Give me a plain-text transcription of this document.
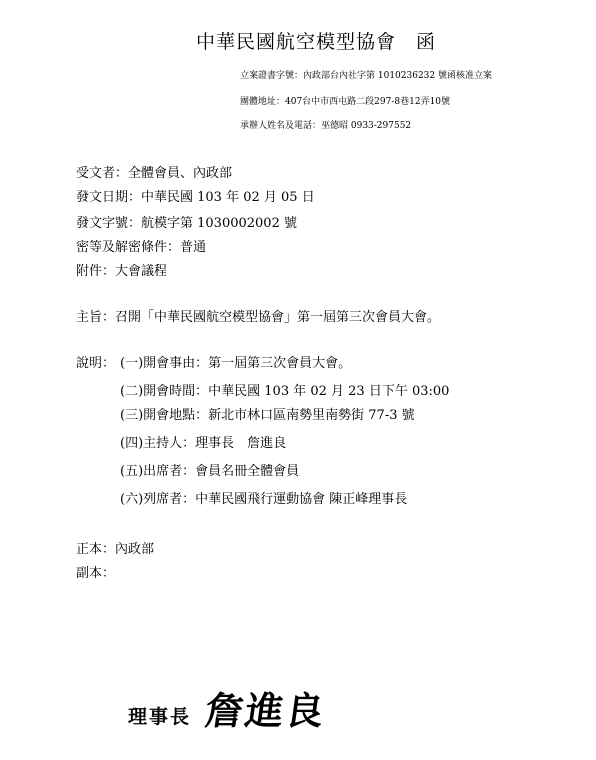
中華民國航空模型協會 函
立案證書字號：內政部台內社字第 1010236232 號函核准立案
團體地址：407台中市西屯路二段297-8巷12弄10號
承辦人姓名及電話：巫德昭 0933-297552
受文者：全體會員、內政部
發文日期：中華民國 103 年 02 月 05 日
發文字號：航模字第 1030002002 號
密等及解密條件：普通
附件：大會議程
主旨：召開「中華民國航空模型協會」第一屆第三次會員大會。
說明： (一)開會事由：第一屆第三次會員大會。
(二)開會時間：中華民國 103 年 02 月 23 日下午 03:00
(三)開會地點：新北市林口區南勢里南勢街 77-3 號
(四)主持人：理事長　詹進良
(五)出席者：會員名冊全體會員
(六)列席者：中華民國飛行運動協會 陳正峰理事長
正本：內政部
副本：
理事長 詹進良
